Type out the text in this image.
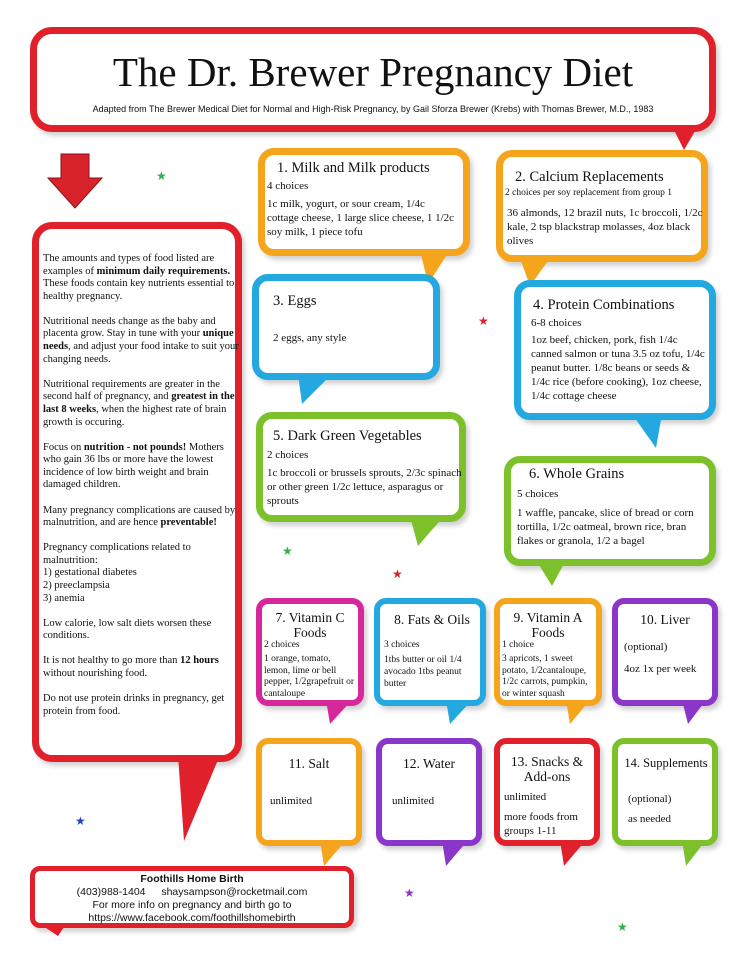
The Dr. Brewer Pregnancy Diet
Adapted from The Brewer Medical Diet for Normal and High-Risk Pregnancy, by Gail Sforza Brewer (Krebs) with Thomas Brewer, M.D., 1983
★
★
★
★
★
★
★

The amounts and types of food listed are examples of minimum daily requirements. These foods contain key nutrients essential to healthy pregnancy.

Nutritional needs change as the baby and placenta grow. Stay in tune with your unique needs, and adjust your food intake to suit your changing needs.

Nutritional requirements are greater in the second half of pregnancy, and greatest in the last 8 weeks, when the highest rate of brain growth is occuring.

Focus on nutrition - not pounds! Mothers who gain 36 lbs or more have the lowest incidence of low birth weight and brain damaged children.

Many pregnancy complications are caused by malnutrition, and are hence preventable!

Pregnancy complications related to malnutrition:

1) gestational diabetes
2) preeclampsia
3) anemia

Low calorie, low salt diets worsen these conditions.

It is not healthy to go more than 12 hours without nourishing food.

Do not use protein drinks in pregnancy, get protein from food.

1. Milk and Milk products
4 choices
1c milk, yogurt, or sour cream, 1/4c cottage cheese, 1 large slice cheese, 1 1/2c soy milk, 1 piece tofu
2. Calcium Replacements
2 choices per soy replacement from group 1
36 almonds, 12 brazil nuts, 1c broccoli, 1/2c kale, 2 tsp blackstrap molasses, 4oz black olives
3. Eggs
2 eggs, any style
4. Protein Combinations
6-8 choices
1oz beef, chicken, pork, fish 1/4c canned salmon or tuna 3.5 oz tofu, 1/4c peanut butter. 1/8c beans or seeds & 1/4c rice (before cooking), 1oz cheese, 1/4c cottage cheese
5. Dark Green Vegetables
2 choices
1c broccoli or brussels sprouts, 2/3c spinach or other green 1/2c lettuce, asparagus or sprouts
6. Whole Grains
5 choices
1 waffle, pancake, slice of bread or corn tortilla, 1/2c oatmeal, brown rice, bran flakes or granola, 1/2 a bagel
7. Vitamin C Foods
2 choices
1 orange, tomato, lemon, lime or bell pepper, 1/2grapefruit or cantaloupe
8. Fats & Oils
3 choices
1tbs butter or oil 1/4 avocado 1tbs peanut butter
9. Vitamin A Foods
1 choice
3 apricots, 1 sweet potato, 1/2cantaloupe, 1/2c carrots, pumpkin, or winter squash
10. Liver
(optional)
4oz 1x per week
11. Salt
unlimited
12. Water
unlimited
13. Snacks & Add-ons
unlimited
more foods from groups 1-11
14. Supplements
(optional)
as needed
Foothills Home Birth
(403)988-1404 shaysampson@rocketmail.com
For more info on pregnancy and birth go to
https://www.facebook.com/foothillshomebirth
